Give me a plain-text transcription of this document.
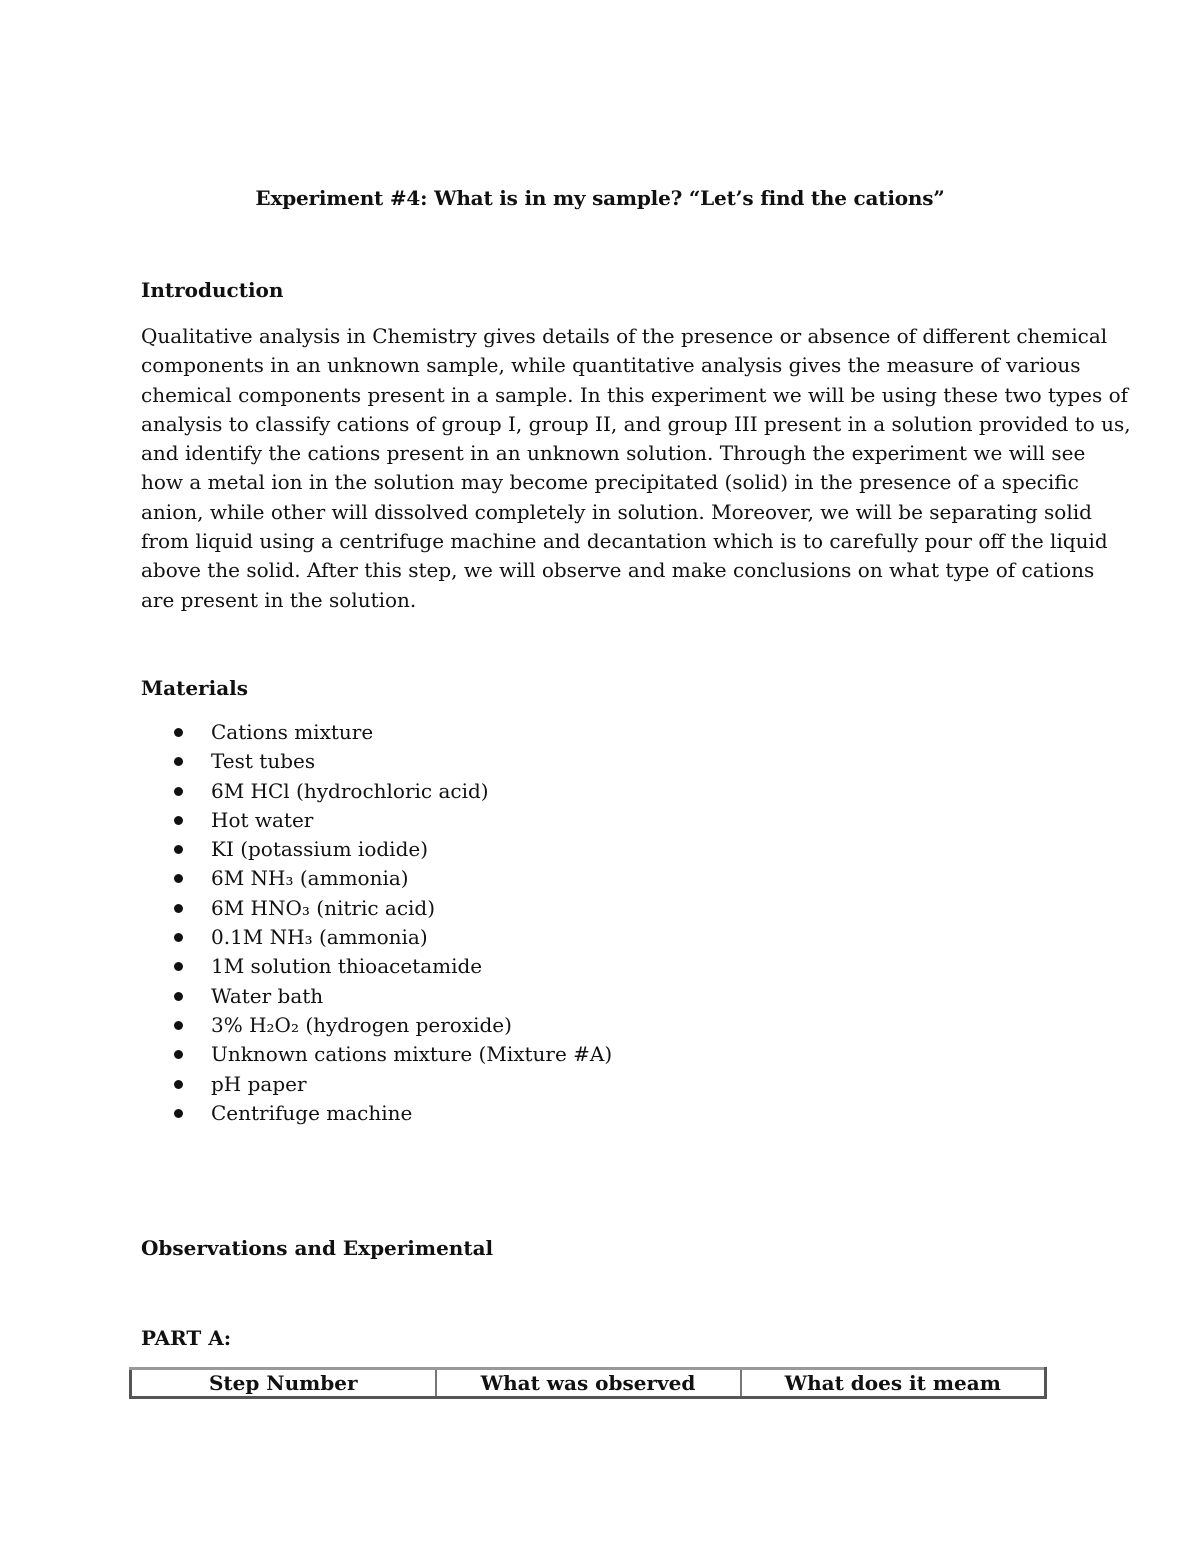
Experiment #4: What is in my sample? “Let’s find the cations”
Introduction
Qualitative analysis in Chemistry gives details of the presence or absence of different chemical
components in an unknown sample, while quantitative analysis gives the measure of various
chemical components present in a sample. In this experiment we will be using these two types of
analysis to classify cations of group I, group II, and group III present in a solution provided to us,
and identify the cations present in an unknown solution. Through the experiment we will see
how a metal ion in the solution may become precipitated (solid) in the presence of a specific
anion, while other will dissolved completely in solution. Moreover, we will be separating solid
from liquid using a centrifuge machine and decantation which is to carefully pour off the liquid
above the solid. After this step, we will observe and make conclusions on what type of cations
are present in the solution.
Materials
Cations mixture
Test tubes
6M HCl (hydrochloric acid)
Hot water
KI (potassium iodide)
6M NH₃ (ammonia)
6M HNO₃ (nitric acid)
0.1M NH₃ (ammonia)
1M solution thioacetamide
Water bath
3% H₂O₂ (hydrogen peroxide)
Unknown cations mixture (Mixture #A)
pH paper
Centrifuge machine
Observations and Experimental
PART A:
Step Number	What was observed	What does it meam
